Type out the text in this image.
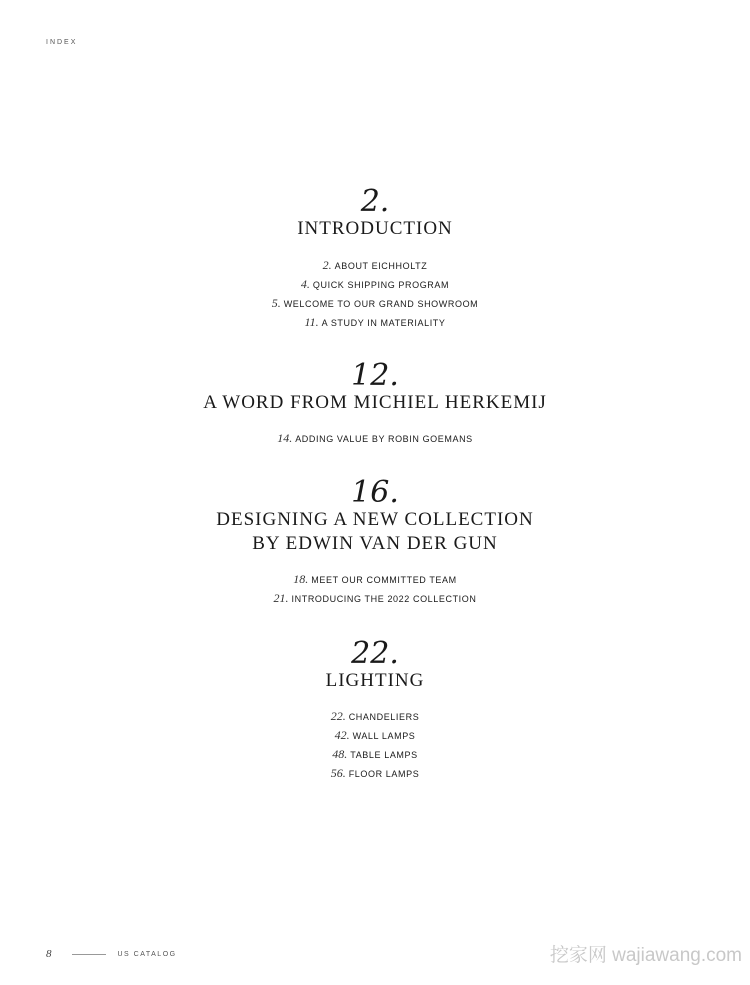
INDEX
2.
INTRODUCTION
2. ABOUT EICHHOLTZ
4. QUICK SHIPPING PROGRAM
5. WELCOME TO OUR GRAND SHOWROOM
11. A STUDY IN MATERIALITY
12.
A WORD FROM MICHIEL HERKEMIJ
14. ADDING VALUE BY ROBIN GOEMANS
16.
DESIGNING A NEW COLLECTION
BY EDWIN VAN DER GUN
18. MEET OUR COMMITTED TEAM
21. INTRODUCING THE 2022 COLLECTION
22.
LIGHTING
22. CHANDELIERS
42. WALL LAMPS
48. TABLE LAMPS
56. FLOOR LAMPS
8	US CATALOG	挖家网 wajiawang.com
